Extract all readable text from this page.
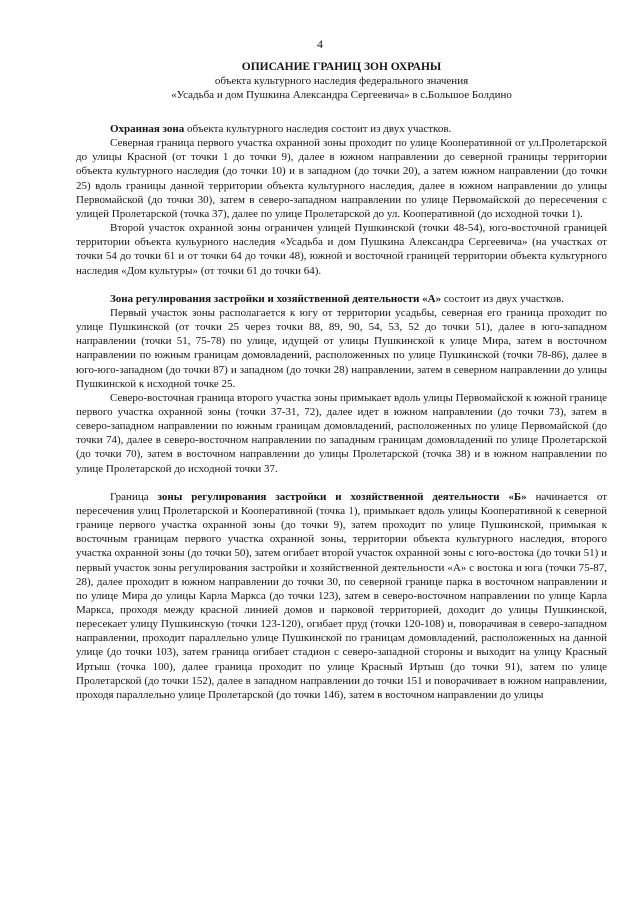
4
ОПИСАНИЕ ГРАНИЦ ЗОН ОХРАНЫ
объекта культурного наследия федерального значения
«Усадьба и дом Пушкина Александра Сергеевича» в с.Большое Болдино

Охранная зона объекта культурного наследия состоит из двух участков.

Северная граница первого участка охранной зоны проходит по улице Кооперативной от ул.Пролетарской до улицы Красной (от точки 1 до точки 9), далее в южном направлении до северной границы территории объекта культурного наследия (до точки 10) и в западном (до точки 20), а затем южном направлении (до точки 25) вдоль границы данной территории объекта культурного наследия, далее в южном направлении до улицы Первомайской (до точки 30), затем в северо-западном направлении по улице Первомайской до пересечения с улицей Пролетарской (точка 37), далее по улице Пролетарской до ул. Кооперативной (до исходной точки 1).

Второй участок охранной зоны ограничен улицей Пушкинской (точки 48-54), юго-восточной границей территории объекта кульурного наследия «Усадьба и дом Пушкина Александра Сергеевича» (на участках от точки 54 до точки 61 и от точки 64 до точки 48), южной и восточной границей территории объекта культурного наследия «Дом культуры» (от точки 61 до точки 64).

Зона регулирования застройки и хозяйственной деятельности «А» состоит из двух участков.

Первый участок зоны располагается к югу от территории усадьбы, северная его граница проходит по улице Пушкинской (от точки 25 через точки 88, 89, 90, 54, 53, 52 до точки 51), далее в юго-западном направлении (точки 51, 75-78) по улице, идущей от улицы Пушкинской к улице Мира, затем в восточном направлении по южным границам домовладений, расположенных по улице Пушкинской (точки 78-86), далее в юго-юго-западном (до точки 87) и западном (до точки 28) направлении, затем в северном направлении до улицы Пушкинской к исходной точке 25.

Северо-восточная граница второго участка зоны примыкает вдоль улицы Первомайской к южной границе первого участка охранной зоны (точки 37-31, 72), далее идет в южном направлении (до точки 73), затем в северо-западном направлении по южным границам домовладений, расположенных по улице Первомайской (до точки 74), далее в северо-восточном направлении по западным границам домовладений по улице Пролетарской (до точки 70), затем в восточном направлении до улицы Пролетарской (точка 38) и в южном направлении по улице Пролетарской до исходной точки 37.

Граница зоны регулирования застройки и хозяйственной деятельности «Б» начинается от пересечения улиц Пролетарской и Кооперативной (точка 1), примыкает вдоль улицы Кооперативной к северной границе первого участка охранной зоны (до точки 9), затем проходит по улице Пушкинской, примыкая к восточным границам первого участка охранной зоны, территории объекта культурного наследия, второго участка охранной зоны (до точки 50), затем огибает второй участок охранной зоны с юго-востока (до точки 51) и первый участок зоны регулирования застройки и хозяйственной деятельности «А» с востока и юга (точки 75-87, 28), далее проходит в южном направлении до точки 30, по северной границе парка в восточном направлении и по улице Мира до улицы Карла Маркса (до точки 123), затем в северо-восточном направлении по улице Карла Маркса, проходя между красной линией домов и парковой территорией, доходит до улицы Пушкинской, пересекает улицу Пушкинскую (точки 123-120), огибает пруд (точки 120-108) и, поворачивая в северо-западном направлении, проходит параллельно улице Пушкинской по границам домовладений, расположенных на данной улице (до точки 103), затем граница огибает стадион с северо-западной стороны и выходит на улицу Красный Иртыш (точка 100), далее граница проходит по улице Красный Иртыш (до точки 91), затем по улице Пролетарской (до точки 152), далее в западном направлении до точки 151 и поворачивает в южном направлении, проходя параллельно улице Пролетарской (до точки 146), затем в восточном направлении до улицы
